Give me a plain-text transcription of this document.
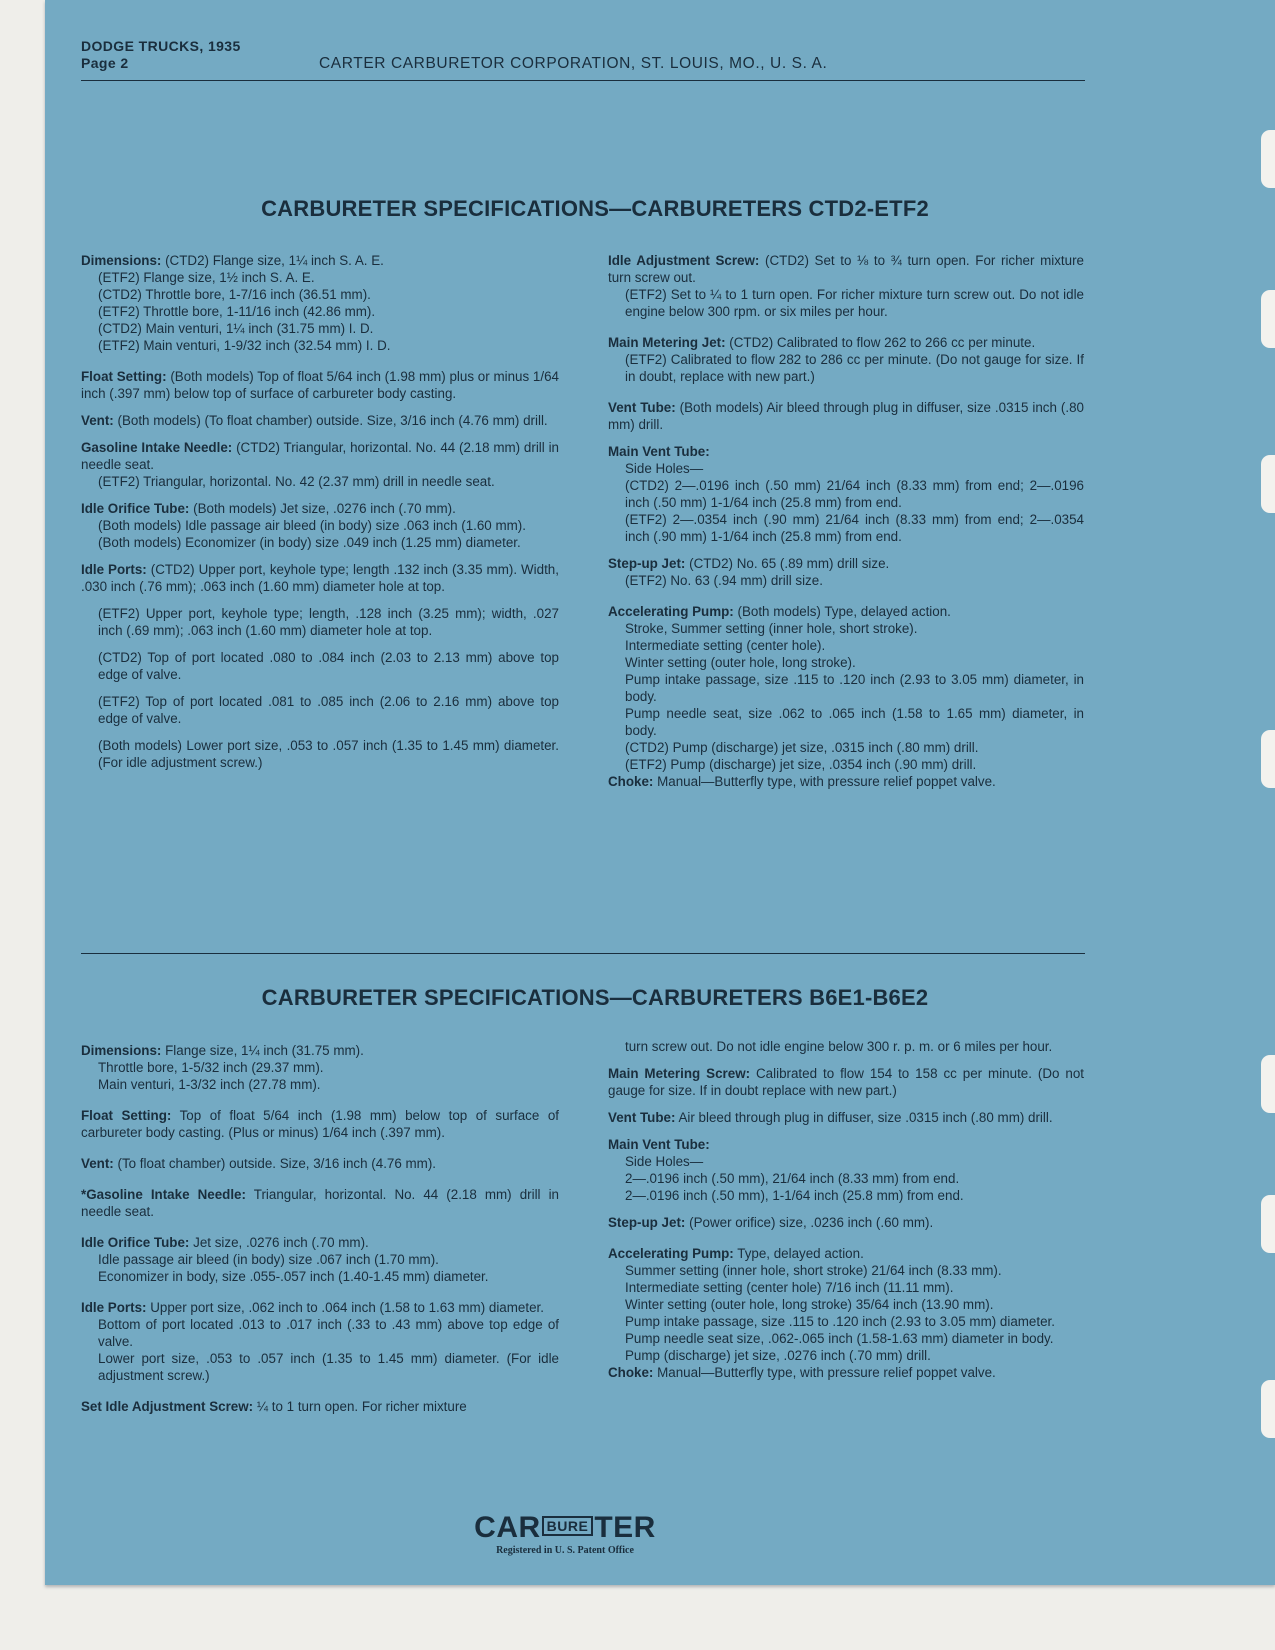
DODGE TRUCKS, 1935
Page 2	CARTER CARBURETOR CORPORATION, ST. LOUIS, MO., U. S. A.
CARBURETER SPECIFICATIONS—CARBURETERS CTD2-ETF2
Dimensions: (CTD2) Flange size, 1¼ inch S. A. E.
(ETF2) Flange size, 1½ inch S. A. E.
(CTD2) Throttle bore, 1-7/16 inch (36.51 mm).
(ETF2) Throttle bore, 1-11/16 inch (42.86 mm).
(CTD2) Main venturi, 1¼ inch (31.75 mm) I. D.
(ETF2) Main venturi, 1-9/32 inch (32.54 mm) I. D.
Float Setting: (Both models) Top of float 5/64 inch (1.98 mm) plus or minus 1/64 inch (.397 mm) below top of surface of carbureter body casting.
Vent: (Both models) (To float chamber) outside. Size, 3/16 inch (4.76 mm) drill.
Gasoline Intake Needle: (CTD2) Triangular, horizontal. No. 44 (2.18 mm) drill in needle seat.
(ETF2) Triangular, horizontal. No. 42 (2.37 mm) drill in needle seat.
Idle Orifice Tube: (Both models) Jet size, .0276 inch (.70 mm).
(Both models) Idle passage air bleed (in body) size .063 inch (1.60 mm).
(Both models) Economizer (in body) size .049 inch (1.25 mm) diameter.
Idle Ports: (CTD2) Upper port, keyhole type; length .132 inch (3.35 mm). Width, .030 inch (.76 mm); .063 inch (1.60 mm) diameter hole at top.
(ETF2) Upper port, keyhole type; length, .128 inch (3.25 mm); width, .027 inch (.69 mm); .063 inch (1.60 mm) diameter hole at top.
(CTD2) Top of port located .080 to .084 inch (2.03 to 2.13 mm) above top edge of valve.
(ETF2) Top of port located .081 to .085 inch (2.06 to 2.16 mm) above top edge of valve.
(Both models) Lower port size, .053 to .057 inch (1.35 to 1.45 mm) diameter. (For idle adjustment screw.)
Idle Adjustment Screw: (CTD2) Set to ⅛ to ¾ turn open. For richer mixture turn screw out.
(ETF2) Set to ¼ to 1 turn open. For richer mixture turn screw out. Do not idle engine below 300 rpm. or six miles per hour.
Main Metering Jet: (CTD2) Calibrated to flow 262 to 266 cc per minute.
(ETF2) Calibrated to flow 282 to 286 cc per minute. (Do not gauge for size. If in doubt, replace with new part.)
Vent Tube: (Both models) Air bleed through plug in diffuser, size .0315 inch (.80 mm) drill.
Main Vent Tube:
Side Holes—
(CTD2) 2—.0196 inch (.50 mm) 21/64 inch (8.33 mm) from end; 2—.0196 inch (.50 mm) 1-1/64 inch (25.8 mm) from end.
(ETF2) 2—.0354 inch (.90 mm) 21/64 inch (8.33 mm) from end; 2—.0354 inch (.90 mm) 1-1/64 inch (25.8 mm) from end.
Step-up Jet: (CTD2) No. 65 (.89 mm) drill size.
(ETF2) No. 63 (.94 mm) drill size.
Accelerating Pump: (Both models) Type, delayed action.
Stroke, Summer setting (inner hole, short stroke).
Intermediate setting (center hole).
Winter setting (outer hole, long stroke).
Pump intake passage, size .115 to .120 inch (2.93 to 3.05 mm) diameter, in body.
Pump needle seat, size .062 to .065 inch (1.58 to 1.65 mm) diameter, in body.
(CTD2) Pump (discharge) jet size, .0315 inch (.80 mm) drill.
(ETF2) Pump (discharge) jet size, .0354 inch (.90 mm) drill.
Choke: Manual—Butterfly type, with pressure relief poppet valve.
CARBURETER SPECIFICATIONS—CARBURETERS B6E1-B6E2
Dimensions: Flange size, 1¼ inch (31.75 mm).
Throttle bore, 1-5/32 inch (29.37 mm).
Main venturi, 1-3/32 inch (27.78 mm).
Float Setting: Top of float 5/64 inch (1.98 mm) below top of surface of carbureter body casting. (Plus or minus) 1/64 inch (.397 mm).
Vent: (To float chamber) outside. Size, 3/16 inch (4.76 mm).
*Gasoline Intake Needle: Triangular, horizontal. No. 44 (2.18 mm) drill in needle seat.
Idle Orifice Tube: Jet size, .0276 inch (.70 mm).
Idle passage air bleed (in body) size .067 inch (1.70 mm).
Economizer in body, size .055-.057 inch (1.40-1.45 mm) diameter.
Idle Ports: Upper port size, .062 inch to .064 inch (1.58 to 1.63 mm) diameter.
Bottom of port located .013 to .017 inch (.33 to .43 mm) above top edge of valve.
Lower port size, .053 to .057 inch (1.35 to 1.45 mm) diameter. (For idle adjustment screw.)
Set Idle Adjustment Screw: ¼ to 1 turn open. For richer mixture
turn screw out. Do not idle engine below 300 r. p. m. or 6 miles per hour.
Main Metering Screw: Calibrated to flow 154 to 158 cc per minute. (Do not gauge for size. If in doubt replace with new part.)
Vent Tube: Air bleed through plug in diffuser, size .0315 inch (.80 mm) drill.
Main Vent Tube:
Side Holes—
2—.0196 inch (.50 mm), 21/64 inch (8.33 mm) from end.
2—.0196 inch (.50 mm), 1-1/64 inch (25.8 mm) from end.
Step-up Jet: (Power orifice) size, .0236 inch (.60 mm).
Accelerating Pump: Type, delayed action.
Summer setting (inner hole, short stroke) 21/64 inch (8.33 mm).
Intermediate setting (center hole) 7/16 inch (11.11 mm).
Winter setting (outer hole, long stroke) 35/64 inch (13.90 mm).
Pump intake passage, size .115 to .120 inch (2.93 to 3.05 mm) diameter.
Pump needle seat size, .062-.065 inch (1.58-1.63 mm) diameter in body.
Pump (discharge) jet size, .0276 inch (.70 mm) drill.
Choke: Manual—Butterfly type, with pressure relief poppet valve.
CAR BURE TER
Registered in U. S. Patent Office
